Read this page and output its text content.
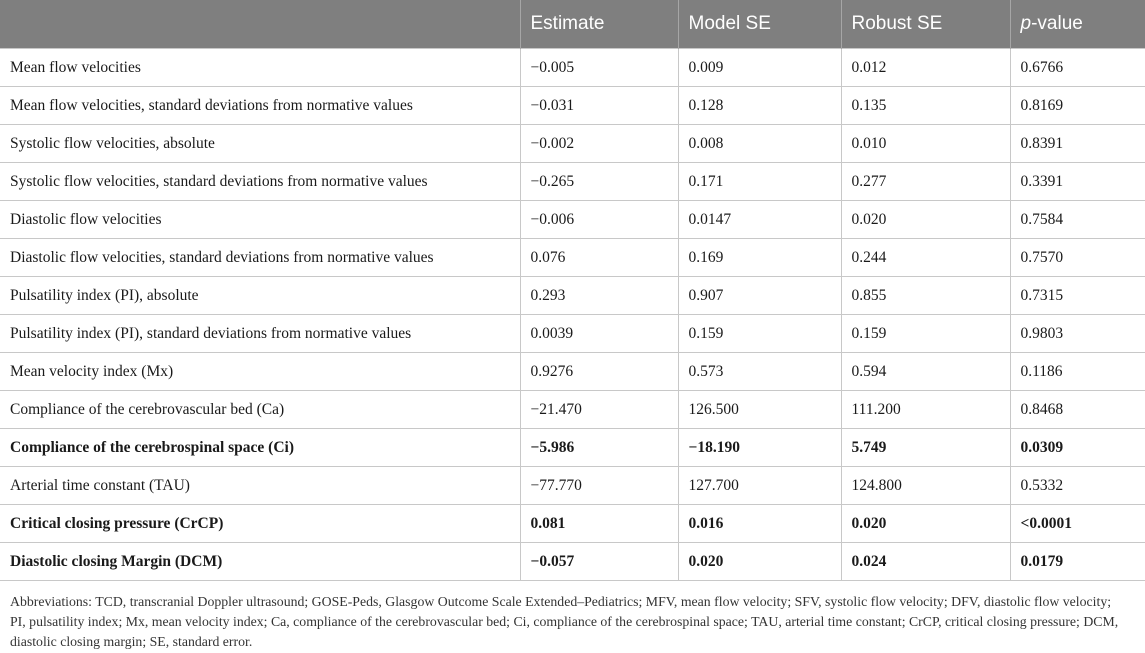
	Estimate	Model SE	Robust SE	p-value
Mean flow velocities	−0.005	0.009	0.012	0.6766
Mean flow velocities, standard deviations from normative values	−0.031	0.128	0.135	0.8169
Systolic flow velocities, absolute	−0.002	0.008	0.010	0.8391
Systolic flow velocities, standard deviations from normative values	−0.265	0.171	0.277	0.3391
Diastolic flow velocities	−0.006	0.0147	0.020	0.7584
Diastolic flow velocities, standard deviations from normative values	0.076	0.169	0.244	0.7570
Pulsatility index (PI), absolute	0.293	0.907	0.855	0.7315
Pulsatility index (PI), standard deviations from normative values	0.0039	0.159	0.159	0.9803
Mean velocity index (Mx)	0.9276	0.573	0.594	0.1186
Compliance of the cerebrovascular bed (Ca)	−21.470	126.500	111.200	0.8468
Compliance of the cerebrospinal space (Ci)	−5.986	−18.190	5.749	0.0309
Arterial time constant (TAU)	−77.770	127.700	124.800	0.5332
Critical closing pressure (CrCP)	0.081	0.016	0.020	<0.0001
Diastolic closing Margin (DCM)	−0.057	0.020	0.024	0.0179
Abbreviations: TCD, transcranial Doppler ultrasound; GOSE-Peds, Glasgow Outcome Scale Extended–Pediatrics; MFV, mean flow velocity; SFV, systolic flow velocity; DFV, diastolic flow velocity; PI, pulsatility index; Mx, mean velocity index; Ca, compliance of the cerebrovascular bed; Ci, compliance of the cerebrospinal space; TAU, arterial time constant; CrCP, critical closing pressure; DCM, diastolic closing margin; SE, standard error.
